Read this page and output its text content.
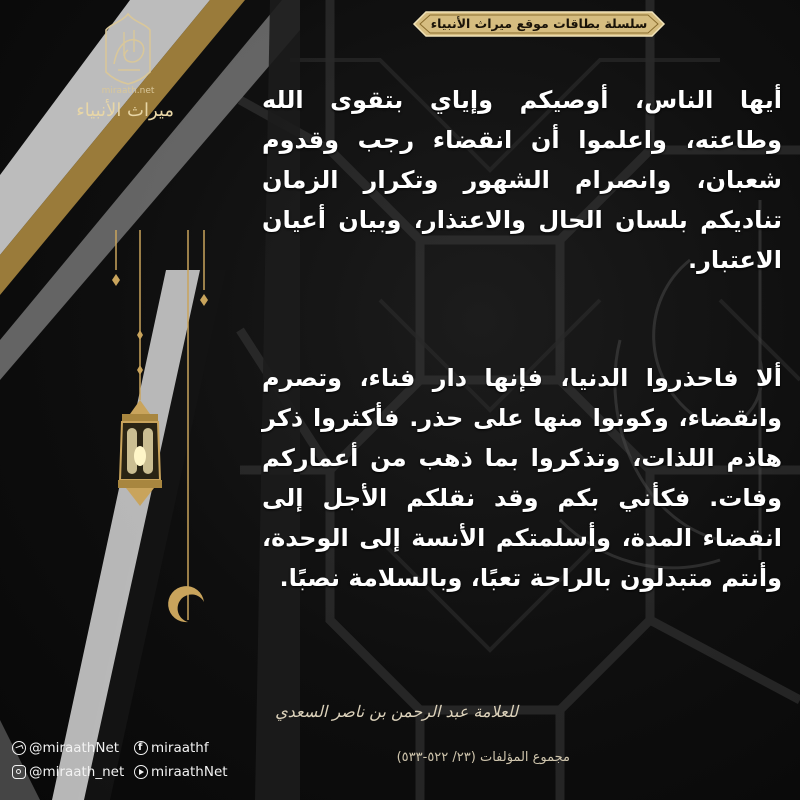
miraath.net
ميراث الأنبياء
سلسلة بطاقات موقع ميراث الأنبياء
أيها الناس، أوصيكم وإياي بتقوى الله وطاعته، واعلموا أن انقضاء رجب وقدوم شعبان، وانصرام الشهور وتكرار الزمان تناديكم بلسان الحال والاعتذار، وبيان أعيان الاعتبار.
ألا فاحذروا الدنيا، فإنها دار فناء، وتصرم وانقضاء، وكونوا منها على حذر. فأكثروا ذكر هاذم اللذات، وتذكروا بما ذهب من أعماركم وفات. فكأني بكم وقد نقلكم الأجل إلى انقضاء المدة، وأسلمتكم الأنسة إلى الوحدة، وأنتم متبدلون بالراحة تعبًا، وبالسلامة نصبًا.
للعلامة عبد الرحمن بن ناصر السعدي
مجموع المؤلفات (٢٣/ ٥٢٢-٥٣٣)
@miraathNet f miraathf
@miraath_net	miraathNet
